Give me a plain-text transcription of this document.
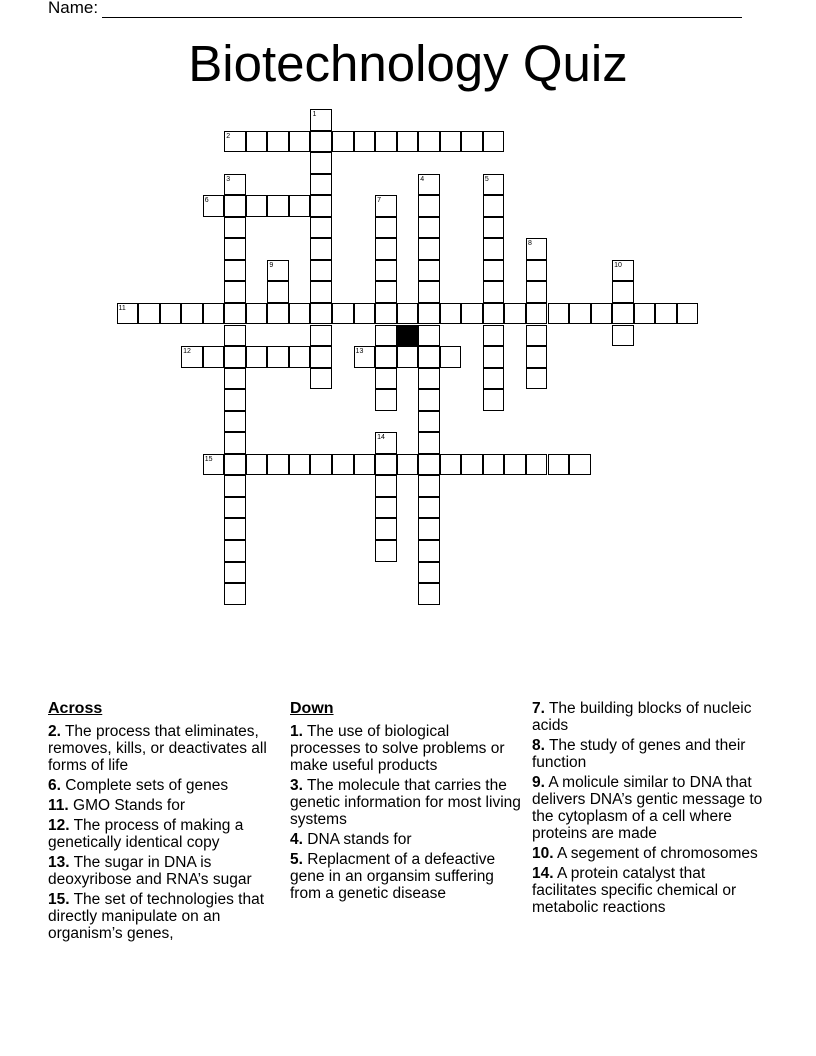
Name:
Biotechnology Quiz
1
2
3	4	5
6	7
8
9	10
11
12	13
14
15
Across
2. The process that eliminates, removes, kills, or deactivates all forms of life
6. Complete sets of genes
11. GMO Stands for
12. The process of making a genetically identical copy
13. The sugar in DNA is deoxyribose and RNA’s sugar
15. The set of technologies that directly manipulate on an organism’s genes,
Down
1. The use of biological processes to solve problems or make useful products
3. The molecule that carries the genetic information for most living systems
4. DNA stands for
5. Replacment of a defeactive gene in an organsim suffering from a genetic disease
7. The building blocks of nucleic acids
8. The study of genes and their function
9. A molicule similar to DNA that delivers DNA’s gentic message to the cytoplasm of a cell where proteins are made
10. A segement of chromosomes
14. A protein catalyst that facilitates specific chemical or metabolic reactions
